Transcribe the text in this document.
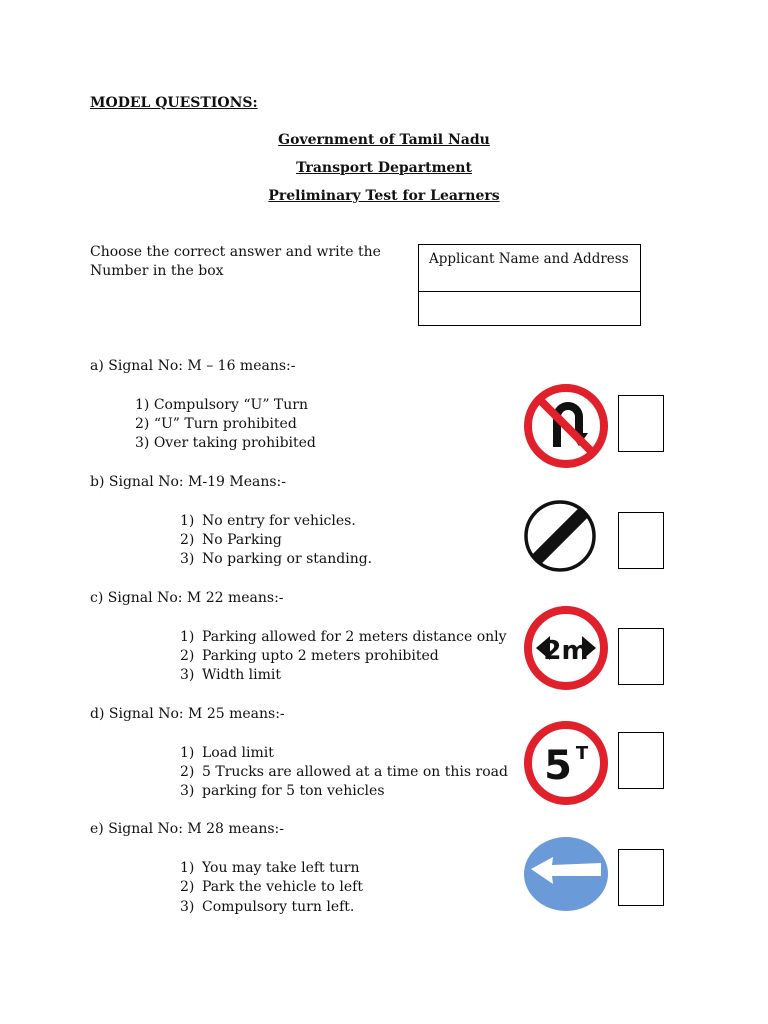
MODEL QUESTIONS:
Government of Tamil Nadu
Transport Department
Preliminary Test for Learners
Choose the correct answer and write the
Number in the box
Applicant Name and Address
a) Signal No: M – 16 means:-
1) Compulsory “U” Turn
2) “U” Turn prohibited
3) Over taking prohibited
b) Signal No: M-19 Means:-
1) No entry for vehicles.
2) No Parking
3) No parking or standing.
c) Signal No: M 22 means:-
1) Parking allowed for 2 meters distance only
2) Parking upto 2 meters prohibited
3) Width limit
2m
d) Signal No: M 25 means:-
1) Load limit
2) 5 Trucks are allowed at a time on this road
3) parking for 5 ton vehicles
5 T
e) Signal No: M 28 means:-
1) You may take left turn
2) Park the vehicle to left
3) Compulsory turn left.
